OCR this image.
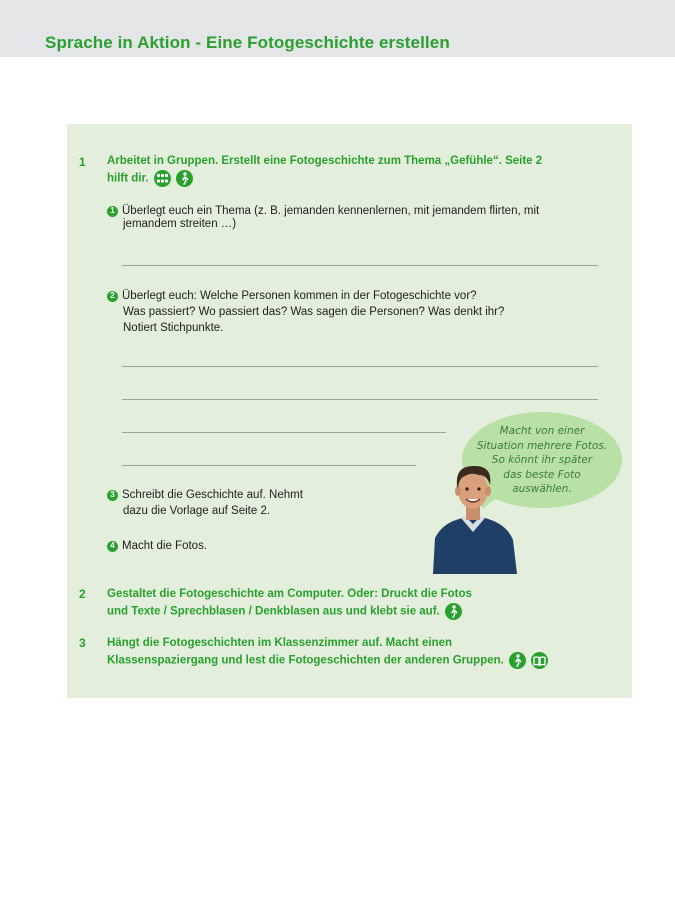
Sprache in Aktion - Eine Fotogeschichte erstellen
1 Arbeitet in Gruppen. Erstellt eine Fotogeschichte zum Thema „Gefühle“. Seite 2
hilft dir.

1 Überlegt euch ein Thema (z. B. jemanden kennenlernen, mit jemandem flirten, mit
jemandem streiten …)
2 Überlegt euch: Welche Personen kommen in der Fotogeschichte vor?
Was passiert? Wo passiert das? Was sagen die Personen? Was denkt ihr?
Notiert Stichpunkte.
3 Schreibt die Geschichte auf. Nehmt
dazu die Vorlage auf Seite 2.
4 Macht die Fotos.
Macht von einer
Situation mehrere Fotos.
So könnt ihr später
das beste Foto
auswählen.
2 Gestaltet die Fotogeschichte am Computer. Oder: Druckt die Fotos
und Texte / Sprechblasen / Denkblasen aus und klebt sie auf.
3 Hängt die Fotogeschichten im Klassenzimmer auf. Macht einen
Klassenspaziergang und lest die Fotogeschichten der anderen Gruppen.
